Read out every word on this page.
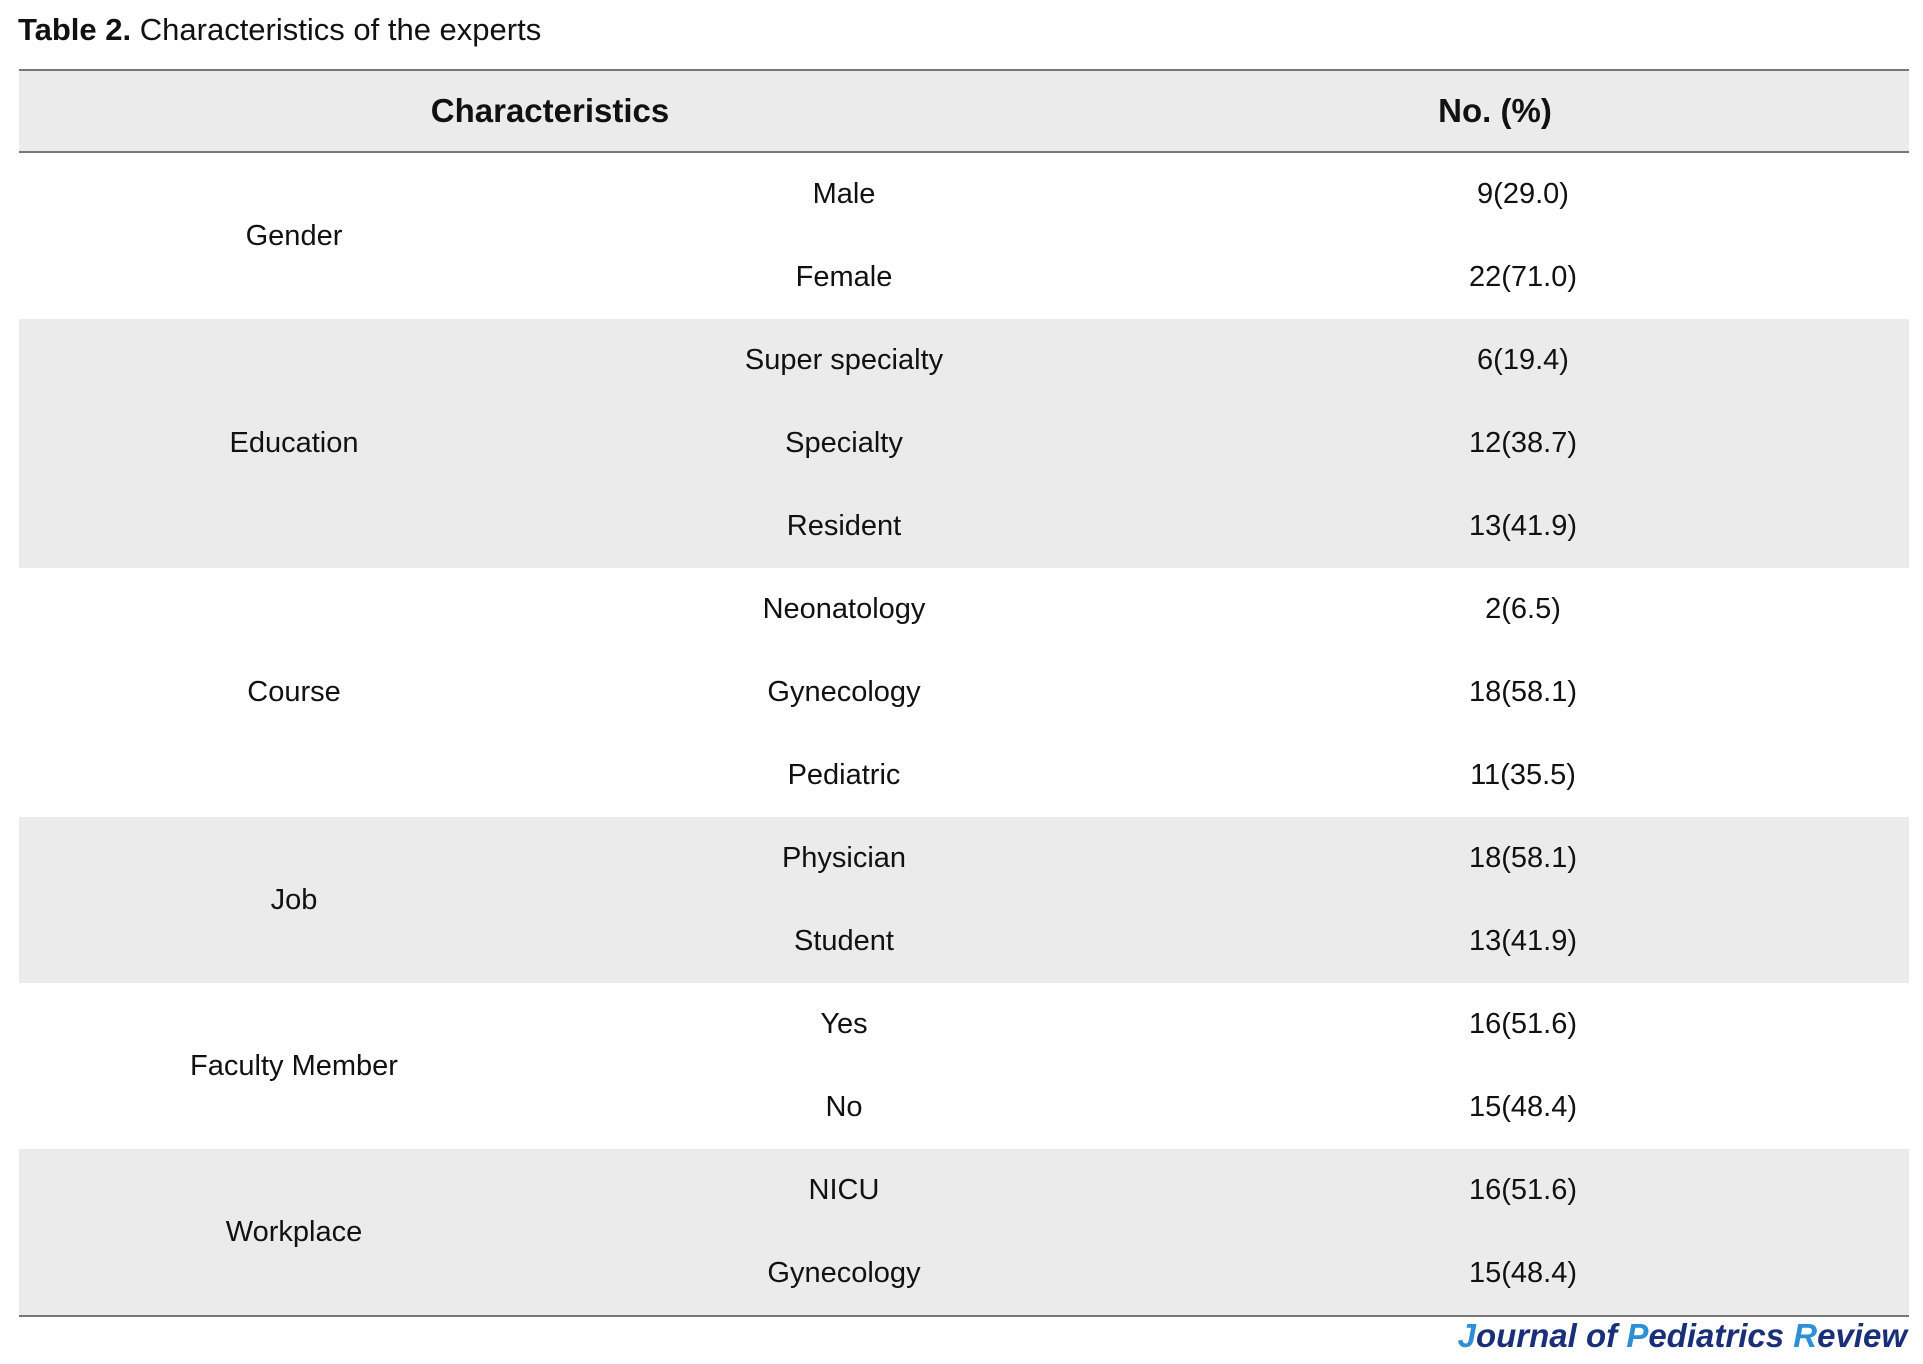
Table 2. Characteristics of the experts
Characteristics	No. (%)
Gender
Male	9(29.0)
Female	22(71.0)
Education
Super specialty	6(19.4)
Specialty	12(38.7)
Resident	13(41.9)
Course
Neonatology	2(6.5)
Gynecology	18(58.1)
Pediatric	11(35.5)
Job
Physician	18(58.1)
Student	13(41.9)
Faculty Member
Yes	16(51.6)
No	15(48.4)
Workplace
NICU	16(51.6)
Gynecology	15(48.4)
Journal of Pediatrics Review
